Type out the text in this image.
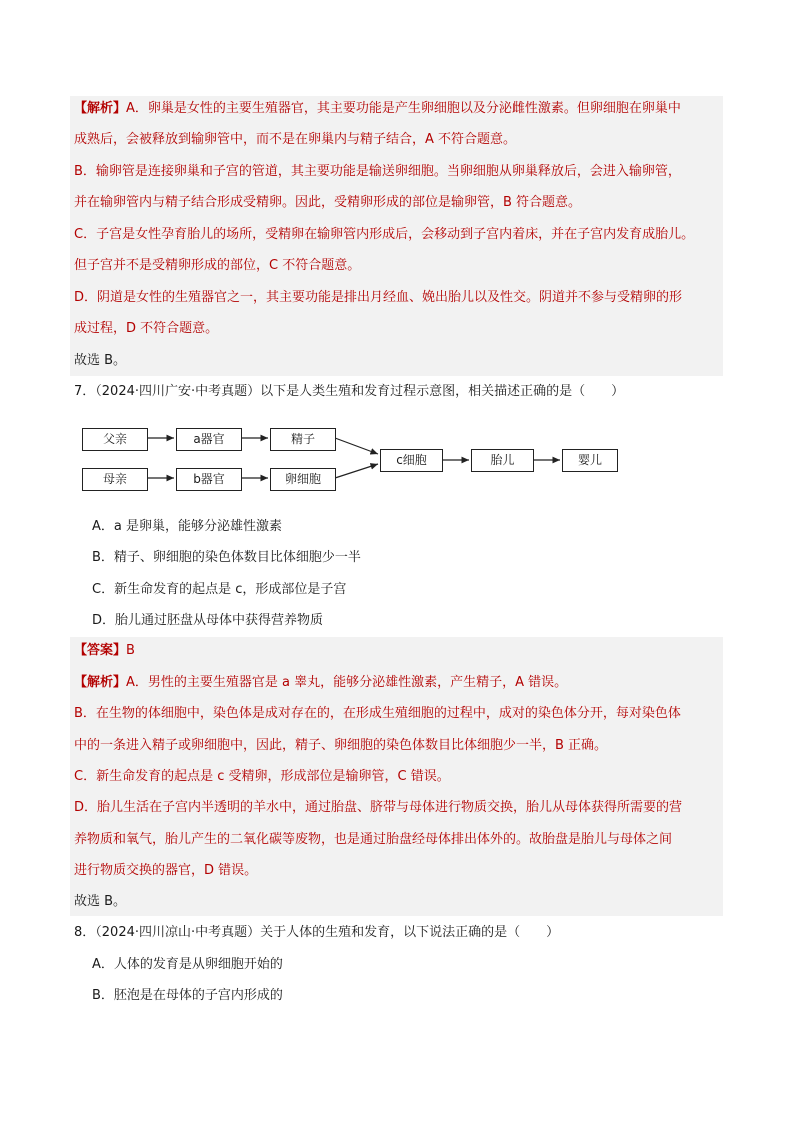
【解析】A．卵巢是女性的主要生殖器官，其主要功能是产生卵细胞以及分泌雌性激素。但卵细胞在卵巢中
成熟后，会被释放到输卵管中，而不是在卵巢内与精子结合，A 不符合题意。
B．输卵管是连接卵巢和子宫的管道，其主要功能是输送卵细胞。当卵细胞从卵巢释放后，会进入输卵管，
并在输卵管内与精子结合形成受精卵。因此，受精卵形成的部位是输卵管，B 符合题意。
C．子宫是女性孕育胎儿的场所，受精卵在输卵管内形成后，会移动到子宫内着床，并在子宫内发育成胎儿。
但子宫并不是受精卵形成的部位，C 不符合题意。
D．阴道是女性的生殖器官之一，其主要功能是排出月经血、娩出胎儿以及性交。阴道并不参与受精卵的形
成过程，D 不符合题意。
故选 B。
7．（2024·四川广安·中考真题）以下是人类生殖和发育过程示意图，相关描述正确的是（　　）
父亲	a器官	精子
母亲	b器官	卵细胞
c细胞	胎儿	婴儿
A．a 是卵巢，能够分泌雄性激素
B．精子、卵细胞的染色体数目比体细胞少一半
C．新生命发育的起点是 c，形成部位是子宫
D．胎儿通过胚盘从母体中获得营养物质
【答案】B
【解析】A．男性的主要生殖器官是 a 睾丸，能够分泌雄性激素，产生精子，A 错误。
B．在生物的体细胞中，染色体是成对存在的，在形成生殖细胞的过程中，成对的染色体分开，每对染色体
中的一条进入精子或卵细胞中，因此，精子、卵细胞的染色体数目比体细胞少一半，B 正确。
C．新生命发育的起点是 c 受精卵，形成部位是输卵管，C 错误。
D．胎儿生活在子宫内半透明的羊水中，通过胎盘、脐带与母体进行物质交换，胎儿从母体获得所需要的营
养物质和氧气，胎儿产生的二氧化碳等废物，也是通过胎盘经母体排出体外的。故胎盘是胎儿与母体之间
进行物质交换的器官，D 错误。
故选 B。
8．（2024·四川凉山·中考真题）关于人体的生殖和发育，以下说法正确的是（　　）
A．人体的发育是从卵细胞开始的
B．胚泡是在母体的子宫内形成的
